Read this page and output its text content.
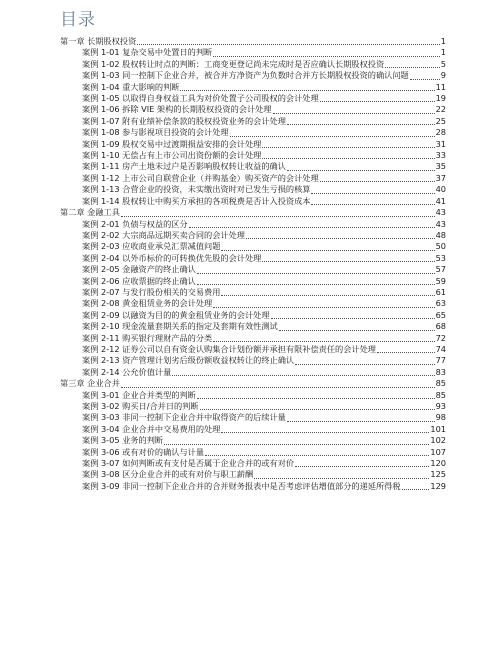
目录
第一章 长期股权投资	1
案例 1-01 复杂交易中处置日的判断	1
案例 1-02 股权转让时点的判断：工商变更登记尚未完成时是否应确认长期股权投资	5
案例 1-03 同一控制下企业合并，被合并方净资产为负数时合并方长期股权投资的确认问题	9
案例 1-04 重大影响的判断	11
案例 1-05 以取得自身权益工具为对价处置子公司股权的会计处理	19
案例 1-06 拆除 VIE 架构的长期股权投资的会计处理	22
案例 1-07 附有业绩补偿条款的股权投资业务的会计处理	25
案例 1-08 参与影视项目投资的会计处理	28
案例 1-09 股权交易中过渡期损益安排的会计处理	31
案例 1-10 无偿占有上市公司出资份额的会计处理	33
案例 1-11 房产土地未过户是否影响股权转让收益的确认	35
案例 1-12 上市公司自联营企业（并购基金）购买资产的会计处理	37
案例 1-13 合营企业的投资，未实缴出资时对已发生亏损的核算	40
案例 1-14 股权转让中购买方承担的各项税费是否计入投资成本	41
第二章 金融工具	43
案例 2-01 负债与权益的区分	43
案例 2-02 大宗商品远期买卖合同的会计处理	48
案例 2-03 应收商业承兑汇票减值问题	50
案例 2-04 以外币标价的可转换优先股的会计处理	53
案例 2-05 金融资产的终止确认	57
案例 2-06 应收票据的终止确认	59
案例 2-07 与发行股份相关的交易费用	61
案例 2-08 黄金租赁业务的会计处理	63
案例 2-09 以融资为目的的黄金租赁业务的会计处理	65
案例 2-10 现金流量套期关系的指定及套期有效性测试	68
案例 2-11 购买银行理财产品的分类	72
案例 2-12 证券公司以自有资金认购集合计划份额并承担有限补偿责任的会计处理	74
案例 2-13 资产管理计划劣后级份额收益权转让的终止确认	77
案例 2-14 公允价值计量	83
第三章 企业合并	85
案例 3-01 企业合并类型的判断	85
案例 3-02 购买日/合并日的判断	93
案例 3-03 非同一控制下企业合并中取得资产的后续计量	98
案例 3-04 企业合并中交易费用的处理	101
案例 3-05 业务的判断	102
案例 3-06 或有对价的确认与计量	107
案例 3-07 如何判断或有支付是否属于企业合并的或有对价	120
案例 3-08 区分企业合并的或有对价与职工薪酬	125
案例 3-09 非同一控制下企业合并的合并财务报表中是否考虑评估增值部分的递延所得税	129
